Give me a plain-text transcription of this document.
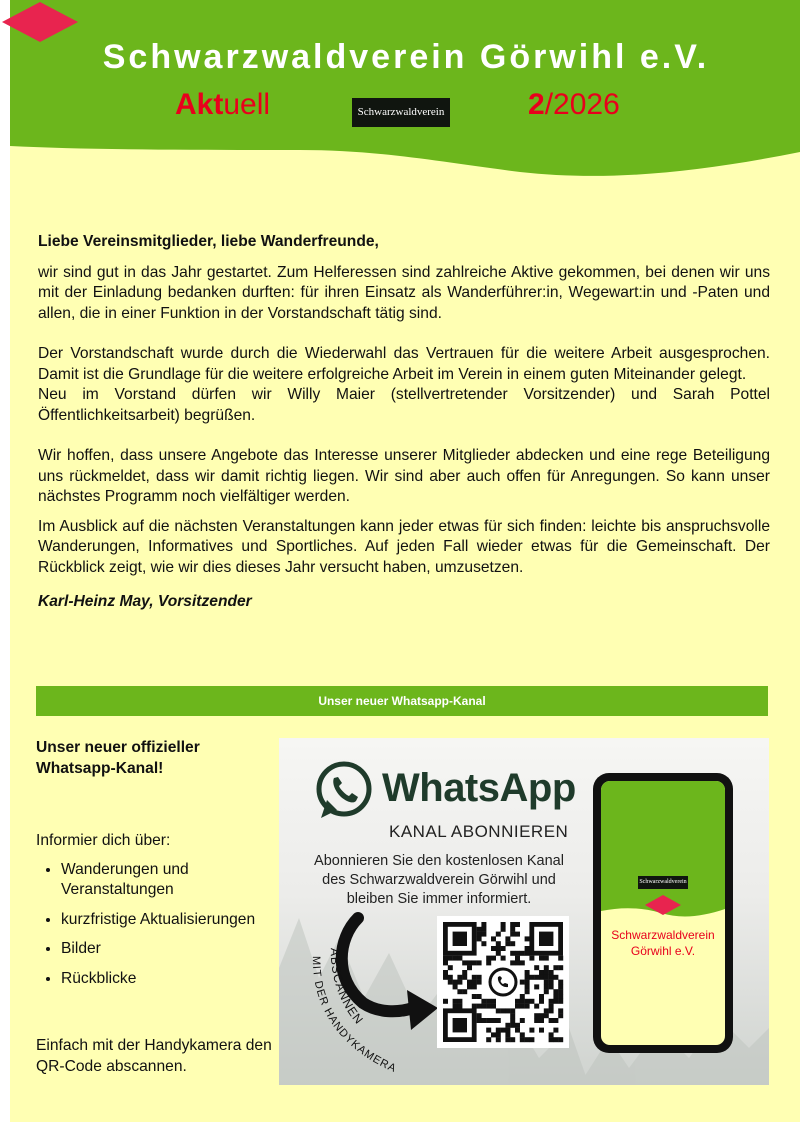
Schwarzwaldverein Görwihl e.V.
Aktuell	Schwarzwaldverein	2/2026

Liebe Vereinsmitglieder, liebe Wanderfreunde,

wir sind gut in das Jahr gestartet. Zum Helferessen sind zahlreiche Aktive gekommen, bei denen wir uns mit der Einladung bedanken durften: für ihren Einsatz als Wanderführer:in, Wegewart:in und -Paten und allen, die in einer Funktion in der Vorstandschaft tätig sind.

Der Vorstandschaft wurde durch die Wiederwahl das Vertrauen für die weitere Arbeit ausgesprochen. Damit ist die Grundlage für die weitere erfolgreiche Arbeit im Verein in einem guten Miteinander gelegt.

Neu im Vorstand dürfen wir Willy Maier (stellvertretender Vorsitzender) und Sarah Pottel Öffentlichkeitsarbeit) begrüßen.

Wir hoffen, dass unsere Angebote das Interesse unserer Mitglieder abdecken und eine rege Beteiligung uns rückmeldet, dass wir damit richtig liegen. Wir sind aber auch offen für Anregungen. So kann unser nächstes Programm noch vielfältiger werden.

Im Ausblick auf die nächsten Veranstaltungen kann jeder etwas für sich finden: leichte bis anspruchsvolle Wanderungen, Informatives und Sportliches. Auf jeden Fall wieder etwas für die Gemeinschaft. Der Rückblick zeigt, wie wir dies dieses Jahr versucht haben, umzusetzen.

Karl-Heinz May, Vorsitzender

Unser neuer Whatsapp-Kanal
Unser neuer offizieller Whatsapp-Kanal!
Informier dich über:
• Wanderungen und Veranstaltungen
• kurzfristige Aktualisierungen
• Bilder
• Rückblicke
Einfach mit der Handykamera den QR-Code abscannen.
WhatsApp
KANAL ABONNIEREN
Abonnieren Sie den kostenlosen Kanal des Schwarzwaldverein Görwihl und bleiben Sie immer informiert.
ABSCANNEN
MIT DER HANDYKAMERA
Schwarzwaldverein
Schwarzwaldverein Görwihl e.V.
